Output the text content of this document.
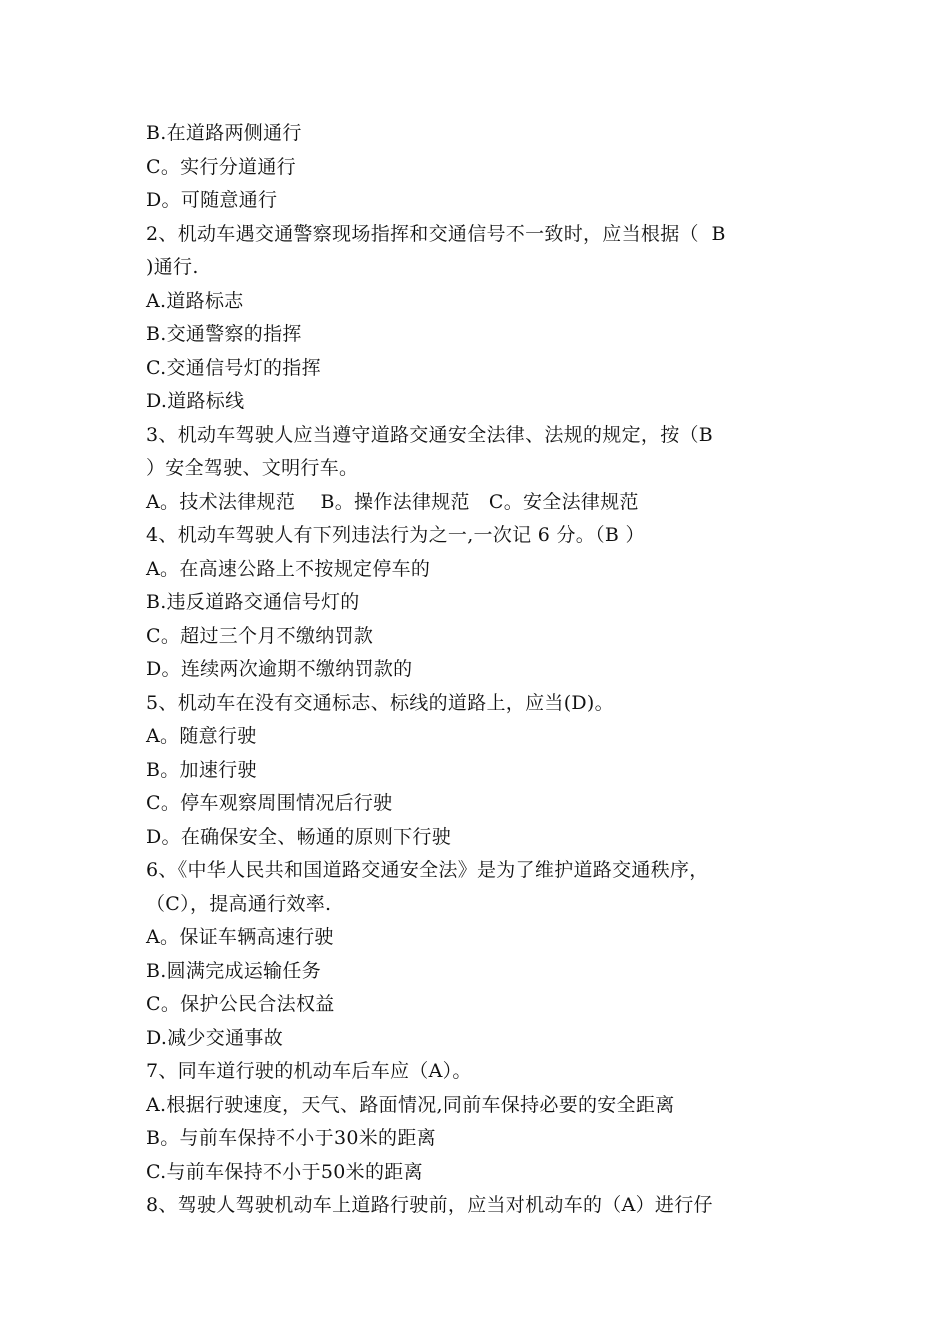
B.在道路两侧通行
C。实行分道通行
D。可随意通行
2、机动车遇交通警察现场指挥和交通信号不一致时，应当根据（  B
)通行.
A.道路标志
B.交通警察的指挥
C.交通信号灯的指挥
D.道路标线
3、机动车驾驶人应当遵守道路交通安全法律、法规的规定，按（B
）安全驾驶、文明行车。
A。技术法律规范    B。操作法律规范   C。安全法律规范
4、机动车驾驶人有下列违法行为之一,一次记 6 分。（B ）
A。在高速公路上不按规定停车的
B.违反道路交通信号灯的
C。超过三个月不缴纳罚款
D。连续两次逾期不缴纳罚款的
5、机动车在没有交通标志、标线的道路上，应当(D)。
A。随意行驶
B。加速行驶
C。停车观察周围情况后行驶
D。在确保安全、畅通的原则下行驶
6、《中华人民共和国道路交通安全法》是为了维护道路交通秩序，
（C），提高通行效率.
A。保证车辆高速行驶
B.圆满完成运输任务
C。保护公民合法权益
D.减少交通事故
7、同车道行驶的机动车后车应（A）。
A.根据行驶速度，天气、路面情况,同前车保持必要的安全距离
B。与前车保持不小于30米的距离
C.与前车保持不小于50米的距离
8、驾驶人驾驶机动车上道路行驶前，应当对机动车的（A）进行仔
